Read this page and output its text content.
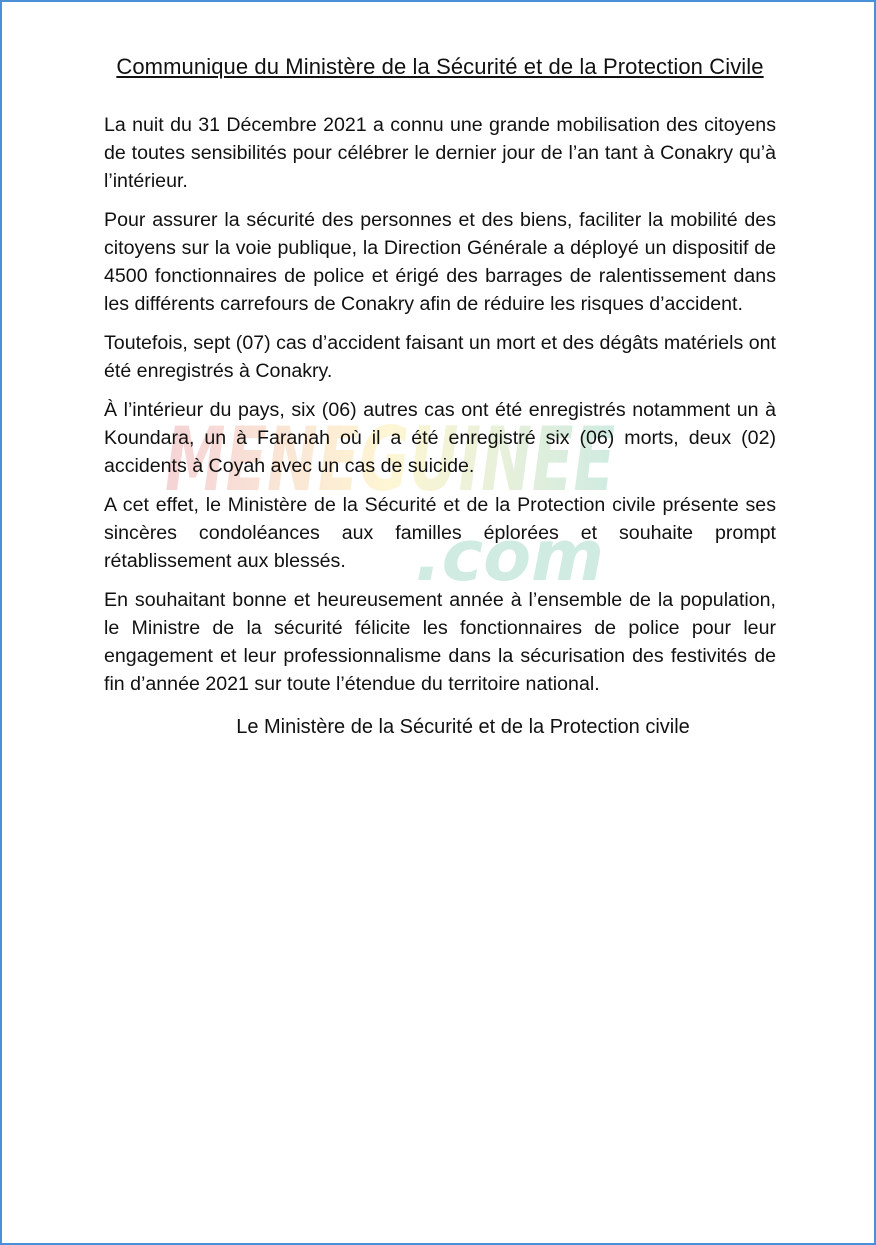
MENEGUINEE
.com
Communique du Ministère de la Sécurité et de la Protection Civile

La nuit du 31 Décembre 2021 a connu une grande mobilisation des citoyens de toutes sensibilités pour célébrer le dernier jour de l’an tant à Conakry qu’à l’intérieur.

Pour assurer la sécurité des personnes et des biens, faciliter la mobilité des citoyens sur la voie publique, la Direction Générale a déployé un dispositif de 4500 fonctionnaires de police et érigé des barrages de ralentissement dans les différents carrefours de Conakry afin de réduire les risques d’accident.

Toutefois, sept (07) cas d’accident faisant un mort et des dégâts matériels ont été enregistrés à Conakry.

À l’intérieur du pays, six (06) autres cas ont été enregistrés notamment un à Koundara, un à Faranah où il a été enregistré six (06) morts, deux (02) accidents à Coyah avec un cas de suicide.

A cet effet, le Ministère de la Sécurité et de la Protection civile présente ses sincères condoléances aux familles éplorées et souhaite prompt rétablissement aux blessés.

En souhaitant bonne et heureusement année à l’ensemble de la population, le Ministre de la sécurité félicite les fonctionnaires de police pour leur engagement et leur professionnalisme dans la sécurisation des festivités de fin d’année 2021 sur toute l’étendue du territoire national.

Le Ministère de la Sécurité et de la Protection civile
